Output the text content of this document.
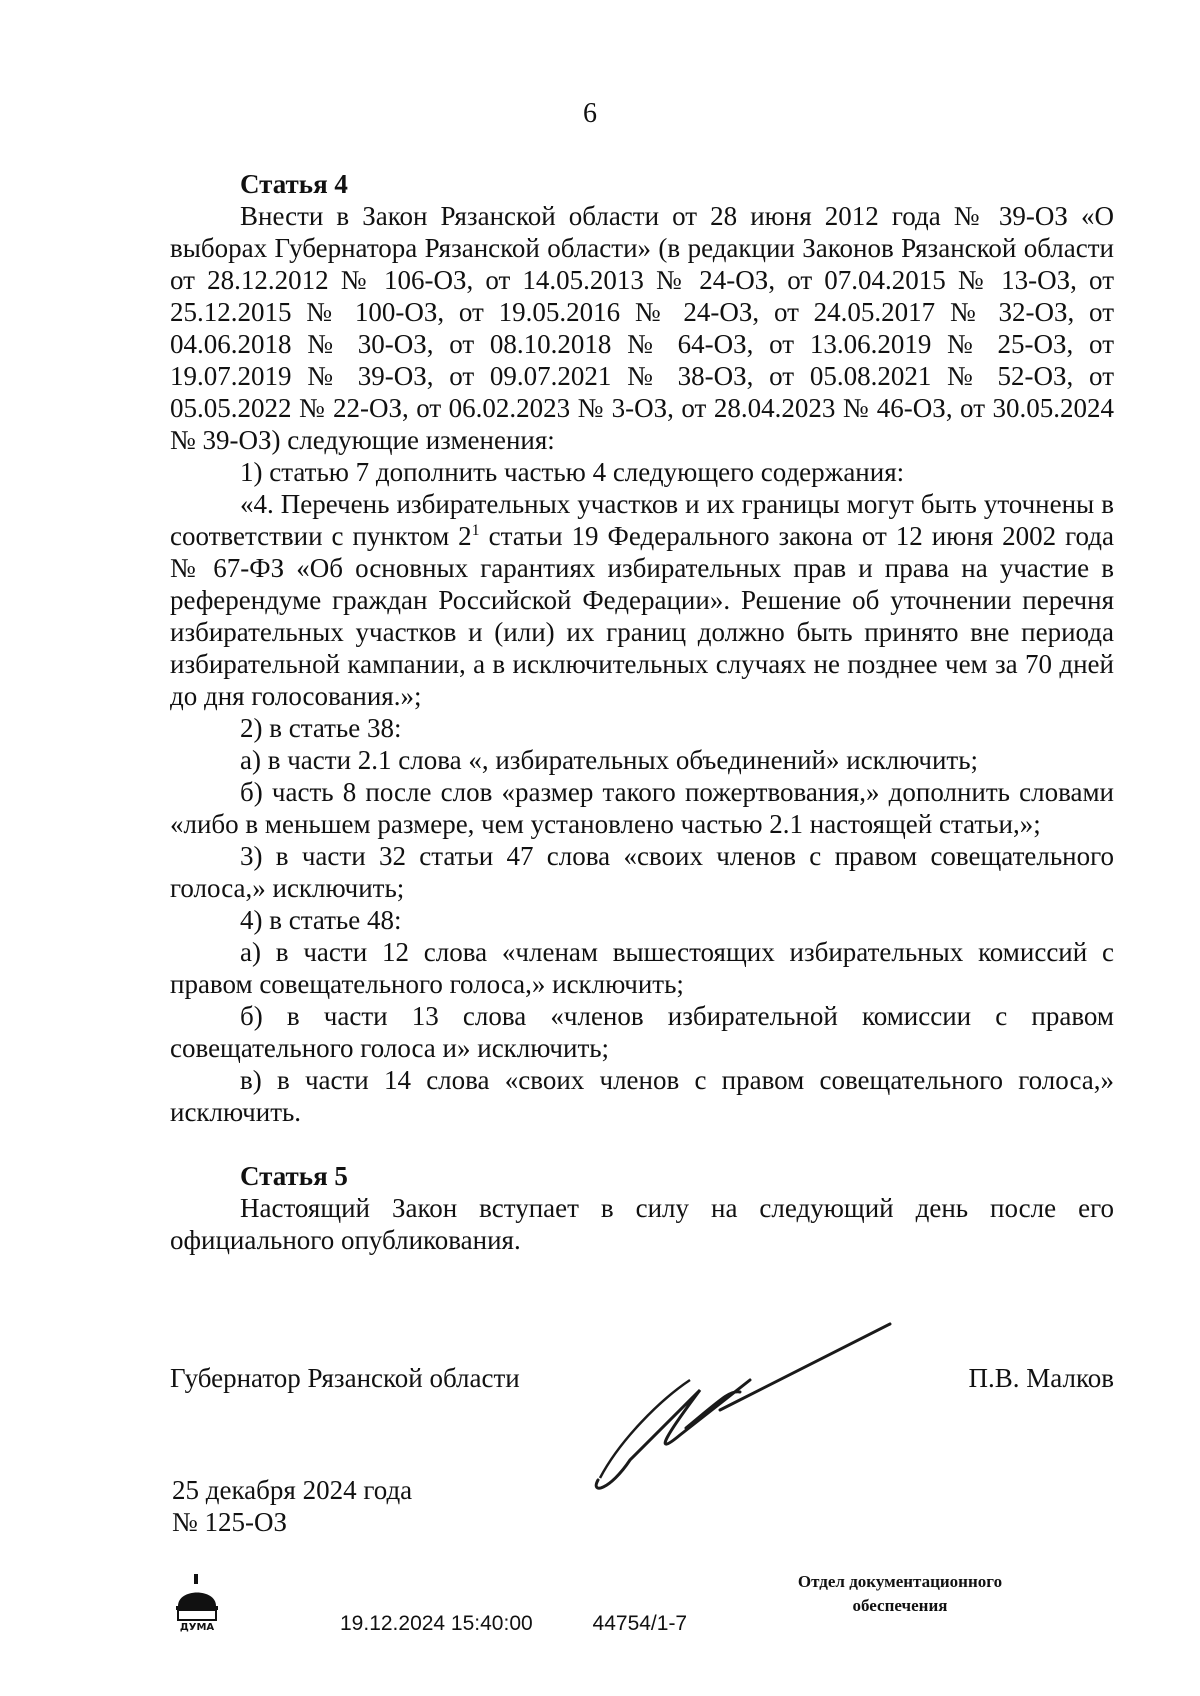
6

Статья 4

Внести в Закон Рязанской области от 28 июня 2012 года № 39-ОЗ «О выборах Губернатора Рязанской области» (в редакции Законов Рязанской области от 28.12.2012 № 106-ОЗ, от 14.05.2013 № 24-ОЗ, от 07.04.2015 № 13-ОЗ, от 25.12.2015 № 100-ОЗ, от 19.05.2016 № 24-ОЗ, от 24.05.2017 № 32-ОЗ, от 04.06.2018 № 30-ОЗ, от 08.10.2018 № 64-ОЗ, от 13.06.2019 № 25-ОЗ, от 19.07.2019 № 39-ОЗ, от 09.07.2021 № 38-ОЗ, от 05.08.2021 № 52-ОЗ, от 05.05.2022 № 22-ОЗ, от 06.02.2023 № 3-ОЗ, от 28.04.2023 № 46-ОЗ, от 30.05.2024 № 39-ОЗ) следующие изменения:

1) статью 7 дополнить частью 4 следующего содержания:

«4. Перечень избирательных участков и их границы могут быть уточнены в соответствии с пунктом $2^1$ статьи 19 Федерального закона от 12 июня 2002 года № 67-ФЗ «Об основных гарантиях избирательных прав и права на участие в референдуме граждан Российской Федерации». Решение об уточнении перечня избирательных участков и (или) их границ должно быть принято вне периода избирательной кампании, а в исключительных случаях не позднее чем за 70 дней до дня голосования.»;

2) в статье 38:

а) в части 2.1 слова «, избирательных объединений» исключить;

б) часть 8 после слов «размер такого пожертвования,» дополнить словами «либо в меньшем размере, чем установлено частью 2.1 настоящей статьи,»;

3) в части 32 статьи 47 слова «своих членов с правом совещательного голоса,» исключить;

4) в статье 48:

а) в части 12 слова «членам вышестоящих избирательных комиссий с правом совещательного голоса,» исключить;

б) в части 13 слова «членов избирательной комиссии с правом совещательного голоса и» исключить;

в) в части 14 слова «своих членов с правом совещательного голоса,» исключить.

Статья 5

Настоящий Закон вступает в силу на следующий день после его официального опубликования.

Губернатор Рязанской области	П.В. Малков
25 декабря 2024 года
№ 125-ОЗ
ДУМА	19.12.2024 15:40:00	44754/1-7
Отдел документационного
обеспечения
